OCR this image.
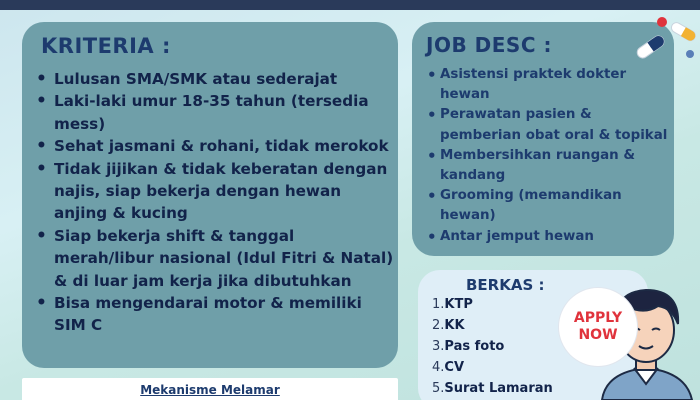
KRITERIA :
• Lulusan SMA/SMK atau sederajat
• Laki-laki umur 18-35 tahun (tersedia mess)
• Sehat jasmani & rohani, tidak merokok
• Tidak jijikan & tidak keberatan dengan najis, siap bekerja dengan hewan anjing & kucing
• Siap bekerja shift & tanggal merah/libur nasional (Idul Fitri & Natal) & di luar jam kerja jika dibutuhkan
• Bisa mengendarai motor & memiliki SIM C
JOB DESC :
• Asistensi praktek dokter hewan
• Perawatan pasien & pemberian obat oral & topikal
• Membersihkan ruangan & kandang
• Grooming (memandikan hewan)
• Antar jemput hewan
BERKAS :
1.KTP
2.KK
3.Pas foto
4.CV
5.Surat Lamaran
Mekanisme Melamar
APPLY
NOW
